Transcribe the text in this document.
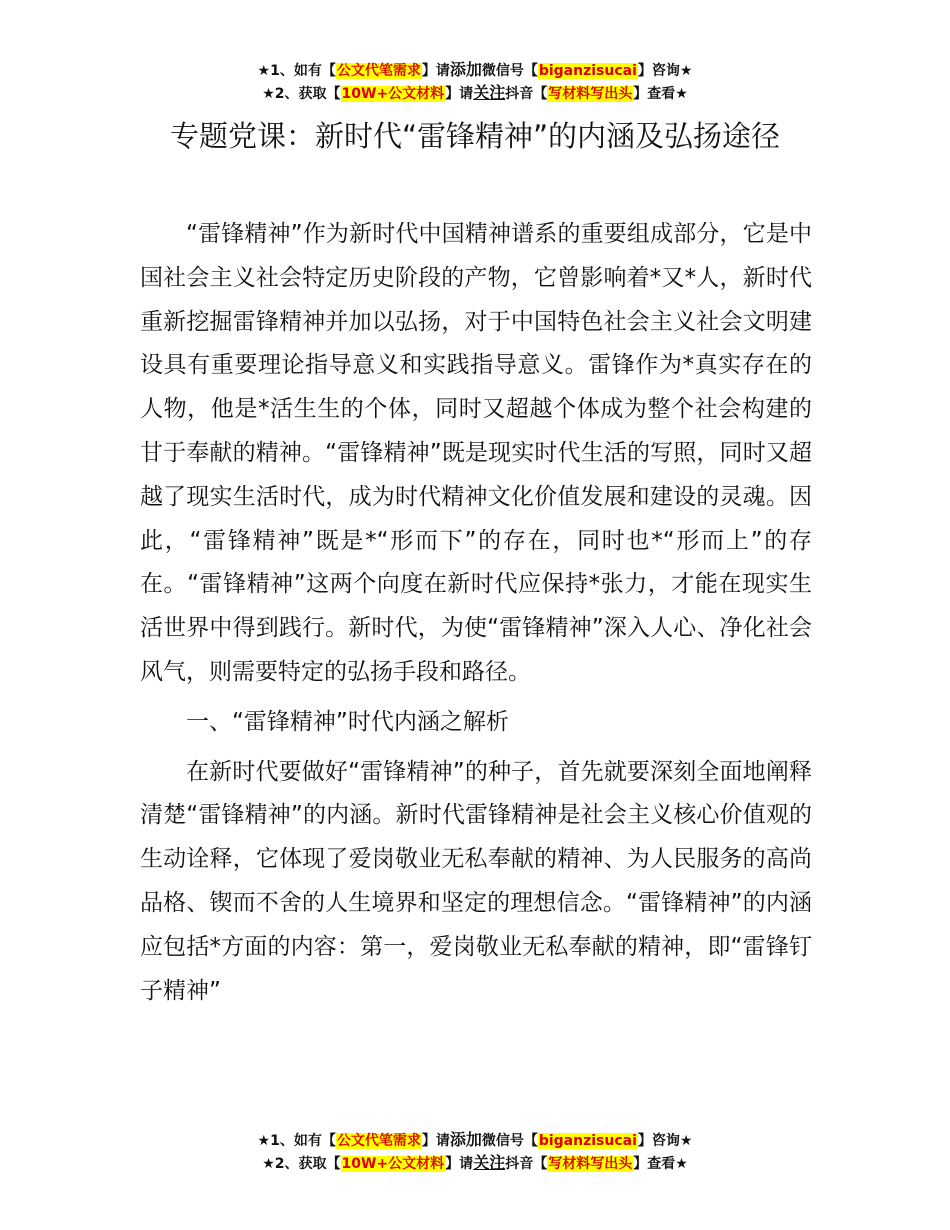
★1、如有【公文代笔需求】请添加微信号【biganzisucai】咨询★
★2、获取【10W+公文材料】请关注抖音【写材料写出头】查看★
专题党课：新时代“雷锋精神”的内涵及弘扬途径

“雷锋精神”作为新时代中国精神谱系的重要组成部分，它是中国社会主义社会特定历史阶段的产物，它曾影响着*又*人，新时代重新挖掘雷锋精神并加以弘扬，对于中国特色社会主义社会文明建设具有重要理论指导意义和实践指导意义。雷锋作为*真实存在的人物，他是*活生生的个体，同时又超越个体成为整个社会构建的甘于奉献的精神。“雷锋精神”既是现实时代生活的写照，同时又超越了现实生活时代，成为时代精神文化价值发展和建设的灵魂。因此，“雷锋精神”既是*“形而下”的存在，同时也*“形而上”的存在。“雷锋精神”这两个向度在新时代应保持*张力，才能在现实生活世界中得到践行。新时代，为使“雷锋精神”深入人心、净化社会风气，则需要特定的弘扬手段和路径。

一、“雷锋精神”时代内涵之解析

在新时代要做好“雷锋精神”的种子，首先就要深刻全面地阐释清楚“雷锋精神”的内涵。新时代雷锋精神是社会主义核心价值观的生动诠释，它体现了爱岗敬业无私奉献的精神、为人民服务的高尚品格、锲而不舍的人生境界和坚定的理想信念。“雷锋精神”的内涵应包括*方面的内容：第一，爱岗敬业无私奉献的精神，即“雷锋钉子精神”

★1、如有【公文代笔需求】请添加微信号【biganzisucai】咨询★
★2、获取【10W+公文材料】请关注抖音【写材料写出头】查看★
